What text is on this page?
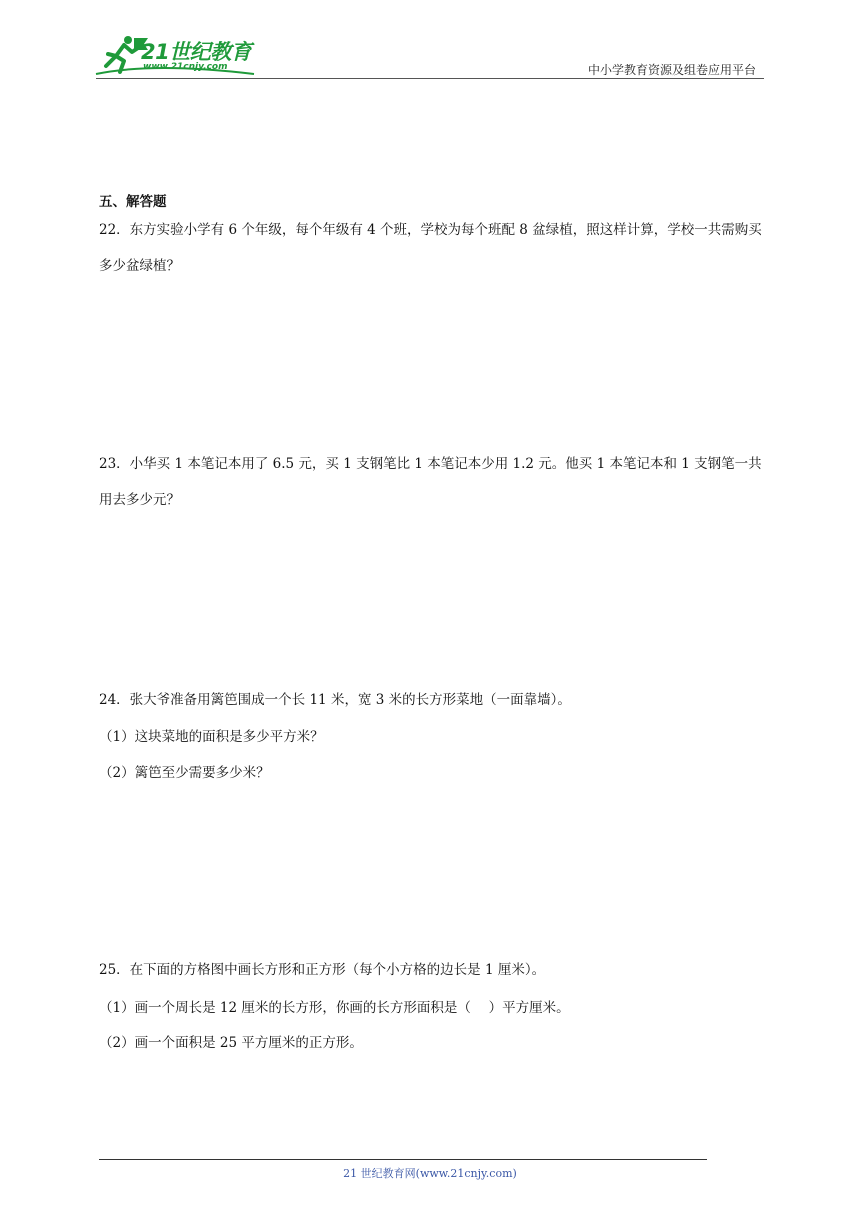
21世纪教育
www.21cnjy.com	中小学教育资源及组卷应用平台
五、解答题
22．东方实验小学有 6 个年级，每个年级有 4 个班，学校为每个班配 8 盆绿植，照这样计算，学校一共需购买多少盆绿植？
23．小华买 1 本笔记本用了 6.5 元，买 1 支钢笔比 1 本笔记本少用 1.2 元。他买 1 本笔记本和 1 支钢笔一共用去多少元？
24．张大爷准备用篱笆围成一个长 11 米，宽 3 米的长方形菜地（一面靠墙）。
（1）这块菜地的面积是多少平方米？
（2）篱笆至少需要多少米？
25．在下面的方格图中画长方形和正方形（每个小方格的边长是 1 厘米）。
（1）画一个周长是 12 厘米的长方形，你画的长方形面积是（　 ）平方厘米。
（2）画一个面积是 25 平方厘米的正方形。
21 世纪教育网(www.21cnjy.com)
